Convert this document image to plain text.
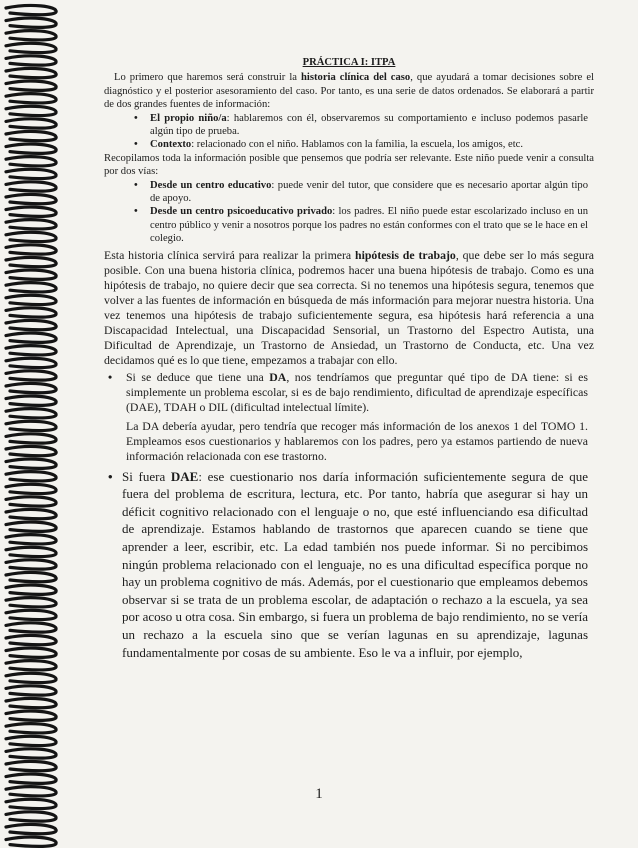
PRÁCTICA I: ITPA

Lo primero que haremos será construir la historia clínica del caso, que ayudará a tomar decisiones sobre el diagnóstico y el posterior asesoramiento del caso. Por tanto, es una serie de datos ordenados. Se elaborará a partir de dos grandes fuentes de información:

• El propio niño/a: hablaremos con él, observaremos su comportamiento e incluso podemos pasarle algún tipo de prueba.
• Contexto: relacionado con el niño. Hablamos con la familia, la escuela, los amigos, etc.

Recopilamos toda la información posible que pensemos que podría ser relevante. Este niño puede venir a consulta por dos vías:

• Desde un centro educativo: puede venir del tutor, que considere que es necesario aportar algún tipo de apoyo.
• Desde un centro psicoeducativo privado: los padres. El niño puede estar escolarizado incluso en un centro público y venir a nosotros porque los padres no están conformes con el trato que se le hace en el colegio.

Esta historia clínica servirá para realizar la primera hipótesis de trabajo, que debe ser lo más segura posible. Con una buena historia clínica, podremos hacer una buena hipótesis de trabajo. Como es una hipótesis de trabajo, no quiere decir que sea correcta. Si no tenemos una hipótesis segura, tenemos que volver a las fuentes de información en búsqueda de más información para mejorar nuestra historia. Una vez tenemos una hipótesis de trabajo suficientemente segura, esa hipótesis hará referencia a una Discapacidad Intelectual, una Discapacidad Sensorial, un Trastorno del Espectro Autista, una Dificultad de Aprendizaje, un Trastorno de Ansiedad, un Trastorno de Conducta, etc. Una vez decidamos qué es lo que tiene, empezamos a trabajar con ello.

• Si se deduce que tiene una DA, nos tendríamos que preguntar qué tipo de DA tiene: si es simplemente un problema escolar, si es de bajo rendimiento, dificultad de aprendizaje específicas (DAE), TDAH o DIL (dificultad intelectual límite).
La DA debería ayudar, pero tendría que recoger más información de los anexos 1 del TOMO 1. Empleamos esos cuestionarios y hablaremos con los padres, pero ya estamos partiendo de nueva información relacionada con ese trastorno.
• Si fuera DAE: ese cuestionario nos daría información suficientemente segura de que fuera del problema de escritura, lectura, etc. Por tanto, habría que asegurar si hay un déficit cognitivo relacionado con el lenguaje o no, que esté influenciando esa dificultad de aprendizaje. Estamos hablando de trastornos que aparecen cuando se tiene que aprender a leer, escribir, etc. La edad también nos puede informar. Si no percibimos ningún problema relacionado con el lenguaje, no es una dificultad específica porque no hay un problema cognitivo de más. Además, por el cuestionario que empleamos debemos observar si se trata de un problema escolar, de adaptación o rechazo a la escuela, ya sea por acoso u otra cosa. Sin embargo, si fuera un problema de bajo rendimiento, no se vería un rechazo a la escuela sino que se verían lagunas en su aprendizaje, lagunas fundamentalmente por cosas de su ambiente. Eso le va a influir, por ejemplo,
1
